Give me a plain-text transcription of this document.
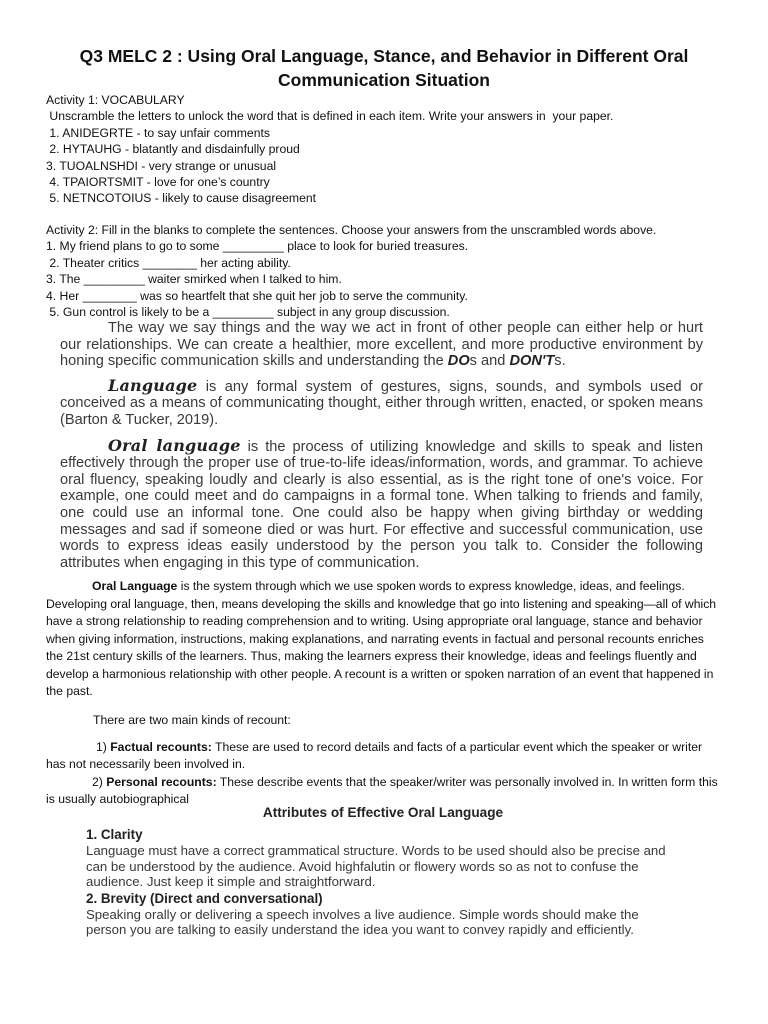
Q3 MELC 2 : Using Oral Language, Stance, and Behavior in Different Oral
Communication Situation
Activity 1: VOCABULARY
Unscramble the letters to unlock the word that is defined in each item. Write your answers in  your paper.
1. ANIDEGRTE - to say unfair comments
2. HYTAUHG - blatantly and disdainfully proud
3. TUOALNSHDI - very strange or unusual
4. TPAIORTSMIT - love for one’s country
5. NETNCOTOIUS - likely to cause disagreement
Activity 2: Fill in the blanks to complete the sentences. Choose your answers from the unscrambled words above.
1. My friend plans to go to some _________ place to look for buried treasures.
2. Theater critics ________ her acting ability.
3. The _________ waiter smirked when I talked to him.
4. Her ________ was so heartfelt that she quit her job to serve the community.
5. Gun control is likely to be a _________ subject in any group discussion.

The way we say things and the way we act in front of other people can either help or hurt our relationships. We can create a healthier, more excellent, and more productive environment by honing specific communication skills and understanding the DOs and DON'Ts.

Language is any formal system of gestures, signs, sounds, and symbols used or conceived as a means of communicating thought, either through written, enacted, or spoken means (Barton & Tucker, 2019).

Oral language is the process of utilizing knowledge and skills to speak and listen effectively through the proper use of true-to-life ideas/information, words, and grammar. To achieve oral fluency, speaking loudly and clearly is also essential, as is the right tone of one's voice. For example, one could meet and do campaigns in a formal tone. When talking to friends and family, one could use an informal tone. One could also be happy when giving birthday or wedding messages and sad if someone died or was hurt. For effective and successful communication, use words to express ideas easily understood by the person you talk to. Consider the following attributes when engaging in this type of communication.

Oral Language is the system through which we use spoken words to express knowledge, ideas, and feelings. Developing oral language, then, means developing the skills and knowledge that go into listening and speaking—all of which have a strong relationship to reading comprehension and to writing. Using appropriate oral language, stance and behavior when giving information, instructions, making explanations, and narrating events in factual and personal recounts enriches the 21st century skills of the learners. Thus, making the learners express their knowledge, ideas and feelings fluently and develop a harmonious relationship with other people. A recount is a written or spoken narration of an event that happened in the past.

There are two main kinds of recount:

1) Factual recounts: These are used to record details and facts of a particular event which the speaker or writer has not necessarily been involved in.

2) Personal recounts: These describe events that the speaker/writer was personally involved in. In written form this is usually autobiographical

Attributes of Effective Oral Language
1. Clarity
Language must have a correct grammatical structure. Words to be used should also be precise and can be understood by the audience. Avoid highfalutin or flowery words so as not to confuse the audience. Just keep it simple and straightforward.
2. Brevity (Direct and conversational)
Speaking orally or delivering a speech involves a live audience. Simple words should make the person you are talking to easily understand the idea you want to convey rapidly and efficiently.
